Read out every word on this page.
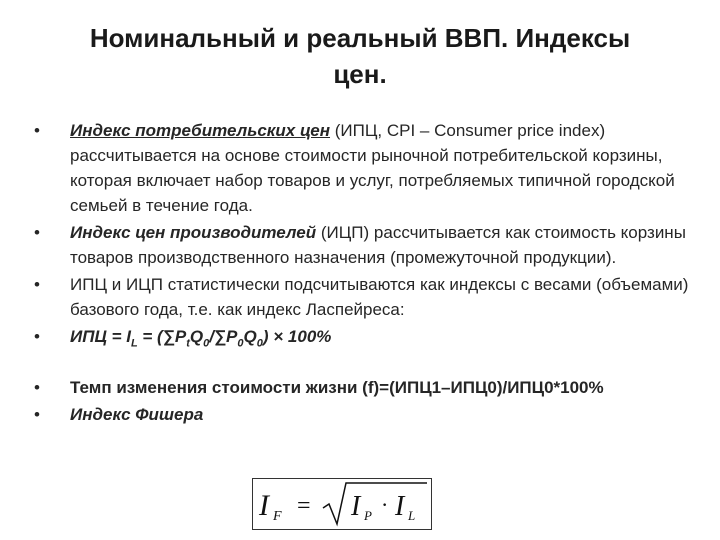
Номинальный и реальный ВВП. Индексы
цен.
• Индекс потребительских цен (ИПЦ, CPI – Consumer price index) рассчитывается на основе стоимости рыночной потребительской корзины, которая включает набор товаров и услуг, потребляемых типичной городской семьей в течение года.
• Индекс цен производителей (ИЦП) рассчитывается как стоимость корзины товаров производственного назначения (промежуточной продукции).
• ИПЦ и ИЦП статистически подсчитываются как индексы с весами (объемами) базового года, т.е. как индекс Ласпейреса:
• ИПЦ = $I_L = (\sum P_tQ_0/\sum P_0Q_0) \times 100\%$
• Темп изменения стоимости жизни (f)=(ИПЦ1–ИПЦ0)/ИПЦ0*100%
• Индекс Фишера
I F = I P · I L
